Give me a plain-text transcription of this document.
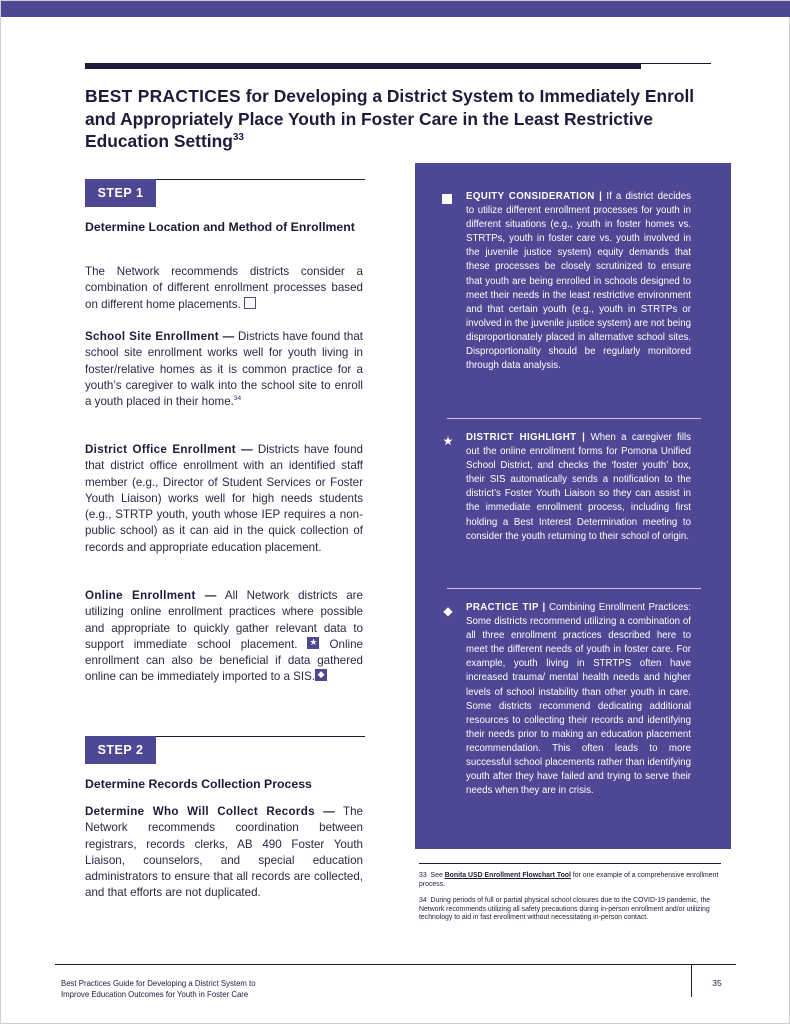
BEST PRACTICES for Developing a District System to Immediately Enroll and Appropriately Place Youth in Foster Care in the Least Restrictive Education Setting$^{33}$
STEP 1
Determine Location and Method of Enrollment

The Network recommends districts consider a combination of different enrollment processes based on different home placements.

School Site Enrollment — Districts have found that school site enrollment works well for youth living in foster/relative homes as it is common practice for a youth’s caregiver to walk into the school site to enroll a youth placed in their home.$^{34}$

District Office Enrollment — Districts have found that district office enrollment with an identified staff member (e.g., Director of Student Services or Foster Youth Liaison) works well for high needs students (e.g., STRTP youth, youth whose IEP requires a non-public school) as it can aid in the quick collection of records and appropriate education placement.

Online Enrollment — All Network districts are utilizing online enrollment practices where possible and appropriate to quickly gather relevant data to support immediate school placement. ★ Online enrollment can also be beneficial if data gathered online can be immediately imported to a SIS. ◆

STEP 2
Determine Records Collection Process

Determine Who Will Collect Records — The Network recommends coordination between registrars, records clerks, AB 490 Foster Youth Liaison, counselors, and special education administrators to ensure that all records are collected, and that efforts are not duplicated.

EQUITY CONSIDERATION | If a district decides to utilize different enrollment processes for youth in different situations (e.g., youth in foster homes vs. STRTPs, youth in foster care vs. youth involved in the juvenile justice system) equity demands that these processes be closely scrutinized to ensure that youth are being enrolled in schools designed to meet their needs in the least restrictive environment and that certain youth (e.g., youth in STRTPs or involved in the juvenile justice system) are not being disproportionately placed in alternative school sites. Disproportionality should be regularly monitored through data analysis.
★ DISTRICT HIGHLIGHT | When a caregiver fills out the online enrollment forms for Pomona Unified School District, and checks the ‘foster youth’ box, their SIS automatically sends a notification to the district’s Foster Youth Liaison so they can assist in the immediate enrollment process, including first holding a Best Interest Determination meeting to consider the youth returning to their school of origin.
◆ PRACTICE TIP | Combining Enrollment Practices: Some districts recommend utilizing a combination of all three enrollment practices described here to meet the different needs of youth in foster care. For example, youth living in STRTPS often have increased trauma/ mental health needs and higher levels of school instability than other youth in care. Some districts recommend dedicating additional resources to collecting their records and identifying their needs prior to making an education placement recommendation. This often leads to more successful school placements rather than identifying youth after they have failed and trying to serve their needs when they are in crisis.

33 See Bonita USD Enrollment Flowchart Tool for one example of a comprehensive enrollment process.

34 During periods of full or partial physical school closures due to the COVID-19 pandemic, the Network recommends utilizing all safety precautions during in-person enrollment and/or utilizing technology to aid in fast enrollment without necessitating in-person contact.

Best Practices Guide for Developing a District System to
Improve Education Outcomes for Youth in Foster Care
35
